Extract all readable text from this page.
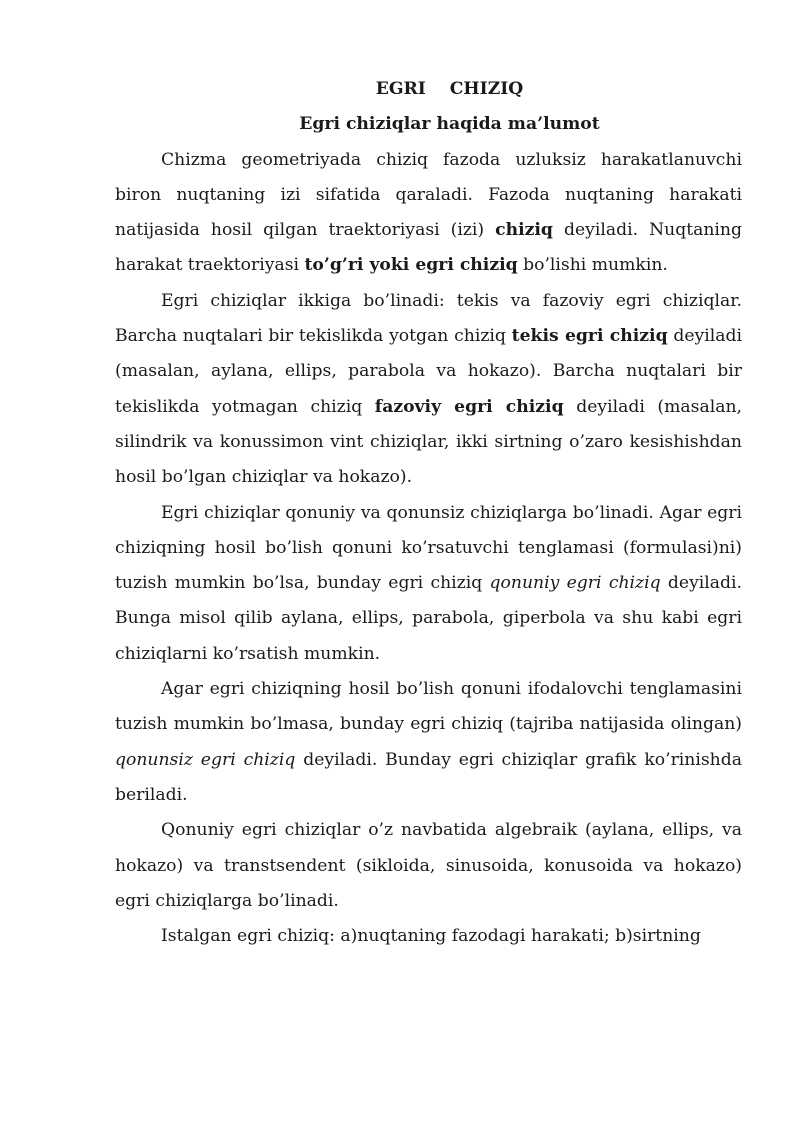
EGRI    CHIZIQ

Egri chiziqlar haqida ma’lumot

Chizma geometriyada chiziq fazoda uzluksiz harakatlanuvchi biron nuqtaning izi sifatida qaraladi. Fazoda nuqtaning harakati natijasida hosil qilgan traektoriyasi (izi) chiziq deyiladi. Nuqtaning harakat traektoriyasi to’g’ri yoki egri chiziq bo’lishi mumkin.

Egri chiziqlar ikkiga bo’linadi: tekis va fazoviy egri chiziqlar. Barcha nuqtalari bir tekislikda yotgan chiziq tekis egri chiziq deyiladi (masalan, aylana, ellips, parabola va hokazo). Barcha nuqtalari bir tekislikda yotmagan chiziq fazoviy egri chiziq deyiladi (masalan, silindrik va konussimon vint chiziqlar, ikki sirtning o’zaro kesishishdan hosil bo’lgan chiziqlar va hokazo).

Egri chiziqlar qonuniy va qonunsiz chiziqlarga bo’linadi. Agar egri chiziqning hosil bo’lish qonuni ko’rsatuvchi tenglamasi (formulasi)ni) tuzish mumkin bo’lsa, bunday egri chiziq qonuniy egri chiziq deyiladi. Bunga misol qilib aylana, ellips, parabola, giperbola va shu kabi egri chiziqlarni ko’rsatish mumkin.

Agar egri chiziqning hosil bo’lish qonuni ifodalovchi tenglamasini tuzish mumkin bo’lmasa, bunday egri chiziq (tajriba natijasida olingan) qonunsiz egri chiziq deyiladi. Bunday egri chiziqlar grafik ko’rinishda beriladi.

Qonuniy egri chiziqlar o’z navbatida algebraik (aylana, ellips, va hokazo) va transtsendent (sikloida, sinusoida, konusoida va hokazo) egri chiziqlarga bo’linadi.

Istalgan egri chiziq: a)nuqtaning fazodagi harakati; b)sirtning
